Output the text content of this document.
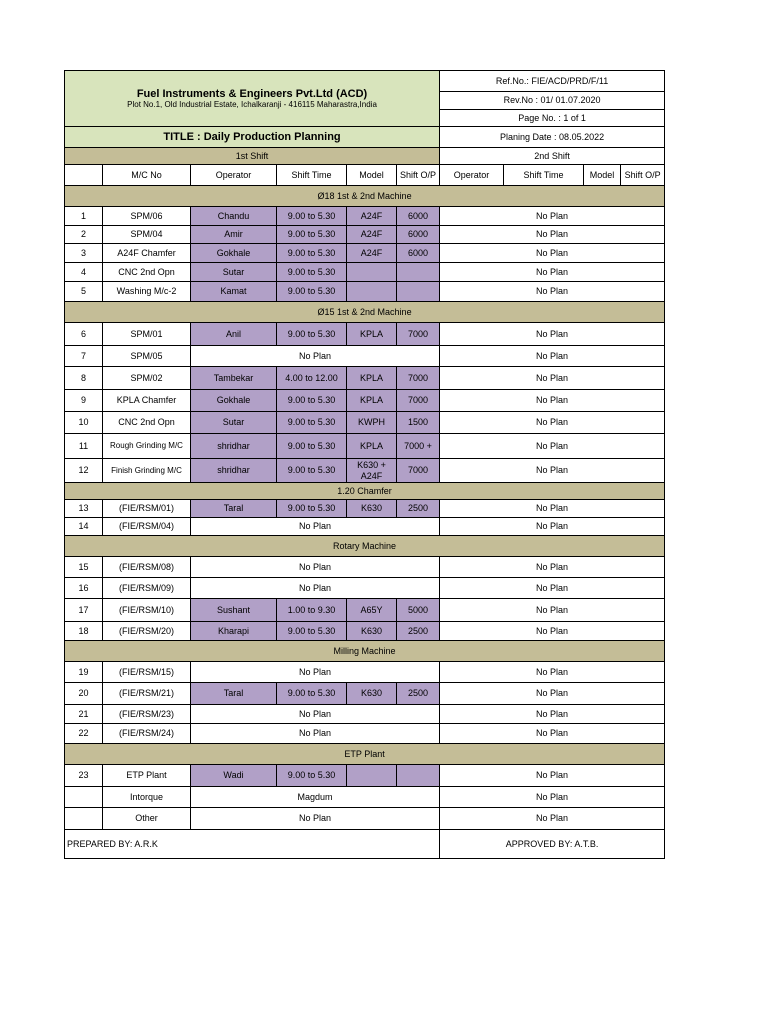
Fuel Instruments & Engineers Pvt.Ltd (ACD)
Plot No.1, Old Industrial Estate, Ichalkaranji - 416115 Maharastra,India						Ref.No.: FIE/ACD/PRD/F/11			
						Rev.No : 01/ 01.07.2020			
						Page No. : 1 of 1			
TITLE : Daily Production Planning						Planing Date : 08.05.2022			
1st Shift						2nd Shift			
	M/C No	Operator	Shift Time	Model	Shift O/P	Operator	Shift Time	Model	Shift O/P
Ø18 1st & 2nd Machine									
1	SPM/06	Chandu	9.00 to 5.30	A24F	6000	No Plan			
2	SPM/04	Amir	9.00 to 5.30	A24F	6000	No Plan			
3	A24F Chamfer	Gokhale	9.00 to 5.30	A24F	6000	No Plan			
4	CNC 2nd Opn	Sutar	9.00 to 5.30			No Plan			
5	Washing M/c-2	Kamat	9.00 to 5.30			No Plan			
Ø15 1st & 2nd Machine									
6	SPM/01	Anil	9.00 to 5.30	KPLA	7000	No Plan			
7	SPM/05	No Plan				No Plan			
8	SPM/02	Tambekar	4.00 to 12.00	KPLA	7000	No Plan			
9	KPLA Chamfer	Gokhale	9.00 to 5.30	KPLA	7000	No Plan			
10	CNC 2nd Opn	Sutar	9.00 to 5.30	KWPH	1500	No Plan			
11	Rough Grinding M/C	shridhar	9.00 to 5.30	KPLA	7000 +	No Plan			
12	Finish Grinding M/C	shridhar	9.00 to 5.30	K630 + A24F	7000	No Plan			
1.20 Chamfer									
13	(FIE/RSM/01)	Taral	9.00 to 5.30	K630	2500	No Plan			
14	(FIE/RSM/04)	No Plan				No Plan			
Rotary Machine									
15	(FIE/RSM/08)	No Plan				No Plan			
16	(FIE/RSM/09)	No Plan				No Plan			
17	(FIE/RSM/10)	Sushant	1.00 to 9.30	A65Y	5000	No Plan			
18	(FIE/RSM/20)	Kharapi	9.00 to 5.30	K630	2500	No Plan			
Milling Machine									
19	(FIE/RSM/15)	No Plan				No Plan			
20	(FIE/RSM/21)	Taral	9.00 to 5.30	K630	2500	No Plan			
21	(FIE/RSM/23)	No Plan				No Plan			
22	(FIE/RSM/24)	No Plan				No Plan			
ETP Plant									
23	ETP Plant	Wadi	9.00 to 5.30			No Plan			
	Intorque	Magdum				No Plan			
	Other	No Plan				No Plan			
PREPARED BY: A.R.K						APPROVED BY: A.T.B.			
